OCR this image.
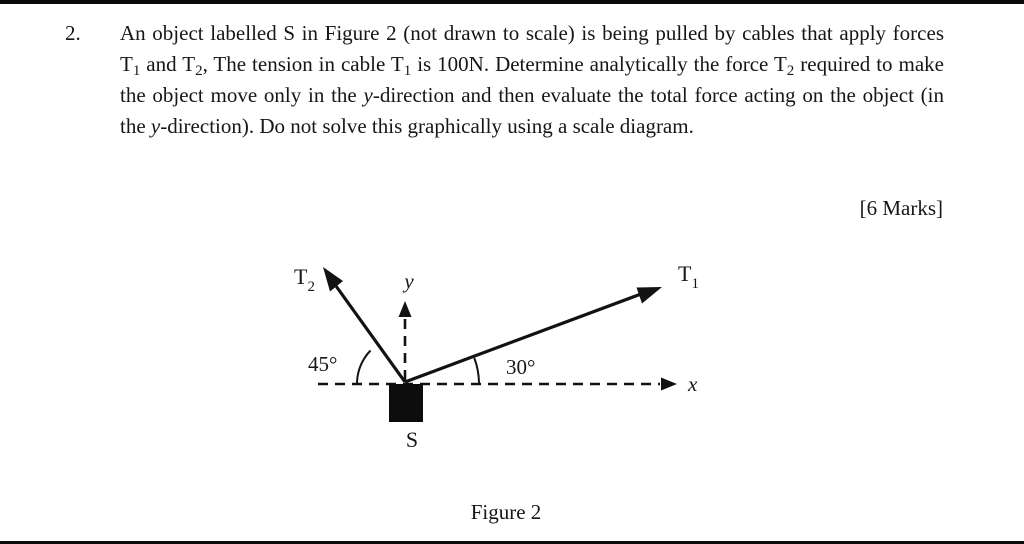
2.	An object labelled S in Figure 2 (not drawn to scale) is being pulled by cables that apply forces $T_1$ and $T_2$, The tension in cable $T_1$ is 100N. Determine analytically the force $T_2$ required to make the object move only in the y-direction and then evaluate the total force acting on the object (in the y-direction). Do not solve this graphically using a scale diagram.

[6 Marks]
x
y
$T_2$
$T_1$
45°	30°
S
Figure 2
